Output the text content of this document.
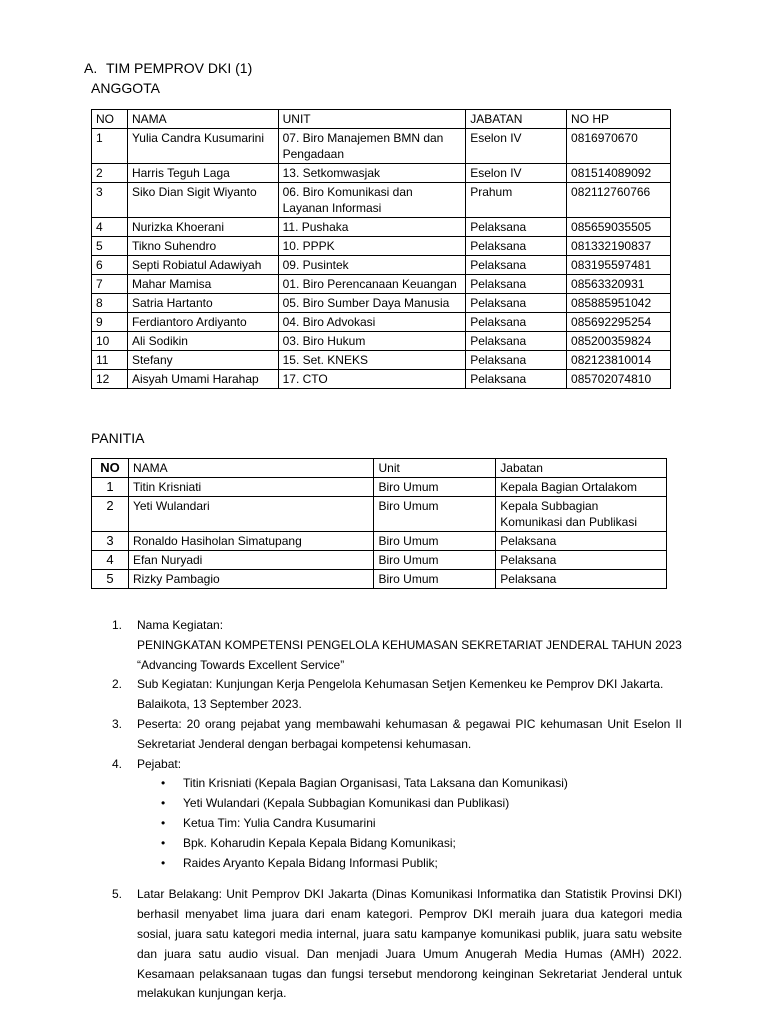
A. TIM PEMPROV DKI (1)
ANGGOTA
NO	NAMA	UNIT	JABATAN	NO HP
1	Yulia Candra Kusumarini	07. Biro Manajemen BMN dan Pengadaan	Eselon IV	0816970670
2	Harris Teguh Laga	13. Setkomwasjak	Eselon IV	081514089092
3	Siko Dian Sigit Wiyanto	06. Biro Komunikasi dan Layanan Informasi	Prahum	082112760766
4	Nurizka Khoerani	11. Pushaka	Pelaksana	085659035505
5	Tikno Suhendro	10. PPPK	Pelaksana	081332190837
6	Septi Robiatul Adawiyah	09. Pusintek	Pelaksana	083195597481
7	Mahar Mamisa	01. Biro Perencanaan Keuangan	Pelaksana	08563320931
8	Satria Hartanto	05. Biro Sumber Daya Manusia	Pelaksana	085885951042
9	Ferdiantoro Ardiyanto	04. Biro Advokasi	Pelaksana	085692295254
10	Ali Sodikin	03. Biro Hukum	Pelaksana	085200359824
11	Stefany	15. Set. KNEKS	Pelaksana	082123810014
12	Aisyah Umami Harahap	17. CTO	Pelaksana	085702074810
PANITIA
NO	NAMA	Unit	Jabatan
1	Titin Krisniati	Biro Umum	Kepala Bagian Ortalakom
2	Yeti Wulandari	Biro Umum	Kepala Subbagian Komunikasi dan Publikasi
3	Ronaldo Hasiholan Simatupang	Biro Umum	Pelaksana
4	Efan Nuryadi	Biro Umum	Pelaksana
5	Rizky Pambagio	Biro Umum	Pelaksana
1. Nama Kegiatan:
PENINGKATAN KOMPETENSI PENGELOLA KEHUMASAN SEKRETARIAT JENDERAL TAHUN 2023
“Advancing Towards Excellent Service”
2. Sub Kegiatan: Kunjungan Kerja Pengelola Kehumasan Setjen Kemenkeu ke Pemprov DKI Jakarta.
Balaikota, 13 September 2023.
3. Peserta: 20 orang pejabat yang membawahi kehumasan & pegawai PIC kehumasan Unit Eselon II Sekretariat Jenderal dengan berbagai kompetensi kehumasan.
4. Pejabat:
• Titin Krisniati (Kepala Bagian Organisasi, Tata Laksana dan Komunikasi)
• Yeti Wulandari (Kepala Subbagian Komunikasi dan Publikasi)
• Ketua Tim: Yulia Candra Kusumarini
• Bpk. Koharudin Kepala Kepala Bidang Komunikasi;
• Raides Aryanto Kepala Bidang Informasi Publik;
5. Latar Belakang: Unit Pemprov DKI Jakarta (Dinas Komunikasi Informatika dan Statistik Provinsi DKI) berhasil menyabet lima juara dari enam kategori. Pemprov DKI meraih juara dua kategori media sosial, juara satu kategori media internal, juara satu kampanye komunikasi publik, juara satu website dan juara satu audio visual. Dan menjadi Juara Umum Anugerah Media Humas (AMH) 2022. Kesamaan pelaksanaan tugas dan fungsi tersebut mendorong keinginan Sekretariat Jenderal untuk melakukan kunjungan kerja.
